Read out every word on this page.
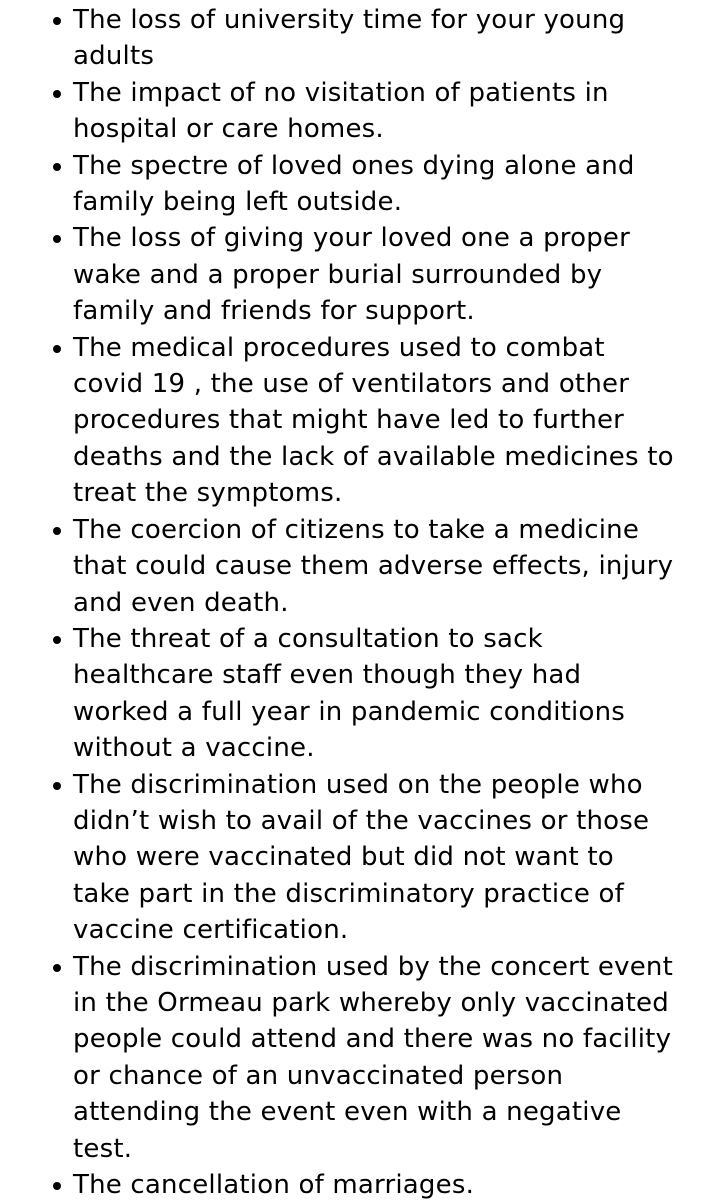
The loss of university time for your young
adults
The impact of no visitation of patients in
hospital or care homes.
The spectre of loved ones dying alone and
family being left outside.
The loss of giving your loved one a proper
wake and a proper burial surrounded by
family and friends for support.
The medical procedures used to combat
covid 19 , the use of ventilators and other
procedures that might have led to further
deaths and the lack of available medicines to
treat the symptoms.
The coercion of citizens to take a medicine
that could cause them adverse effects, injury
and even death.
The threat of a consultation to sack
healthcare staff even though they had
worked a full year in pandemic conditions
without a vaccine.
The discrimination used on the people who
didn’t wish to avail of the vaccines or those
who were vaccinated but did not want to
take part in the discriminatory practice of
vaccine certification.
The discrimination used by the concert event
in the Ormeau park whereby only vaccinated
people could attend and there was no facility
or chance of an unvaccinated person
attending the event even with a negative
test.
The cancellation of marriages.
